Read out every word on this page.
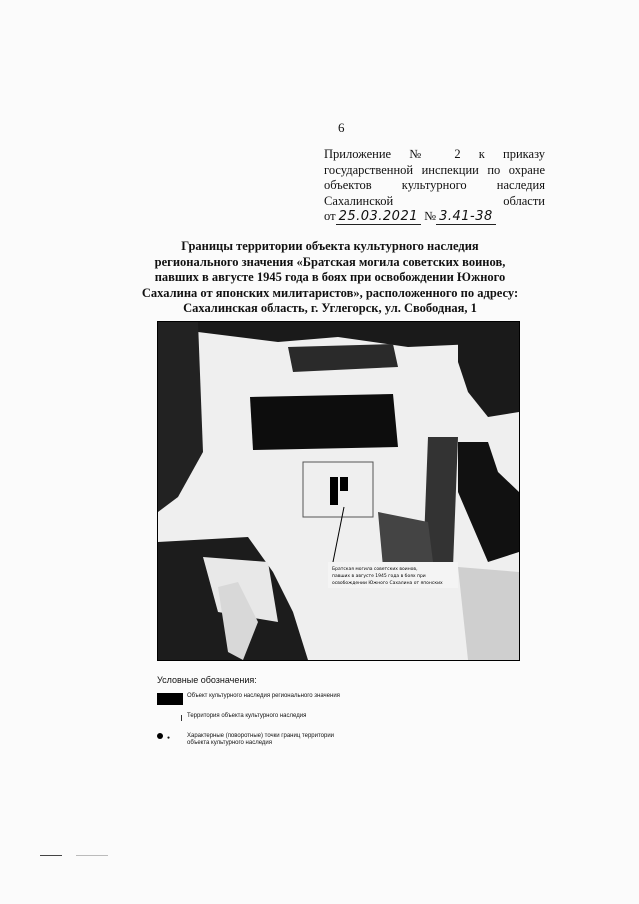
6
Приложение № 2 к приказу
государственной инспекции по охране
объектов культурного наследия
Сахалинской области
от 25.03.2021 № 3.41-38
Границы территории объекта культурного наследия регионального значения «Братская могила советских воинов, павших в августе 1945 года в боях при освобождении Южного Сахалина от японских милитаристов», расположенного по адресу: Сахалинская область, г. Углегорск, ул. Свободная, 1
Братская могила советских воинов,
павших в августе 1945 года в боях при
освобождении Южного Сахалина от японских
Условные обозначения:
Объект культурного наследия регионального значения
Территория объекта культурного наследия
●	Характерные (поворотные) точки границ территории объекта культурного наследия
